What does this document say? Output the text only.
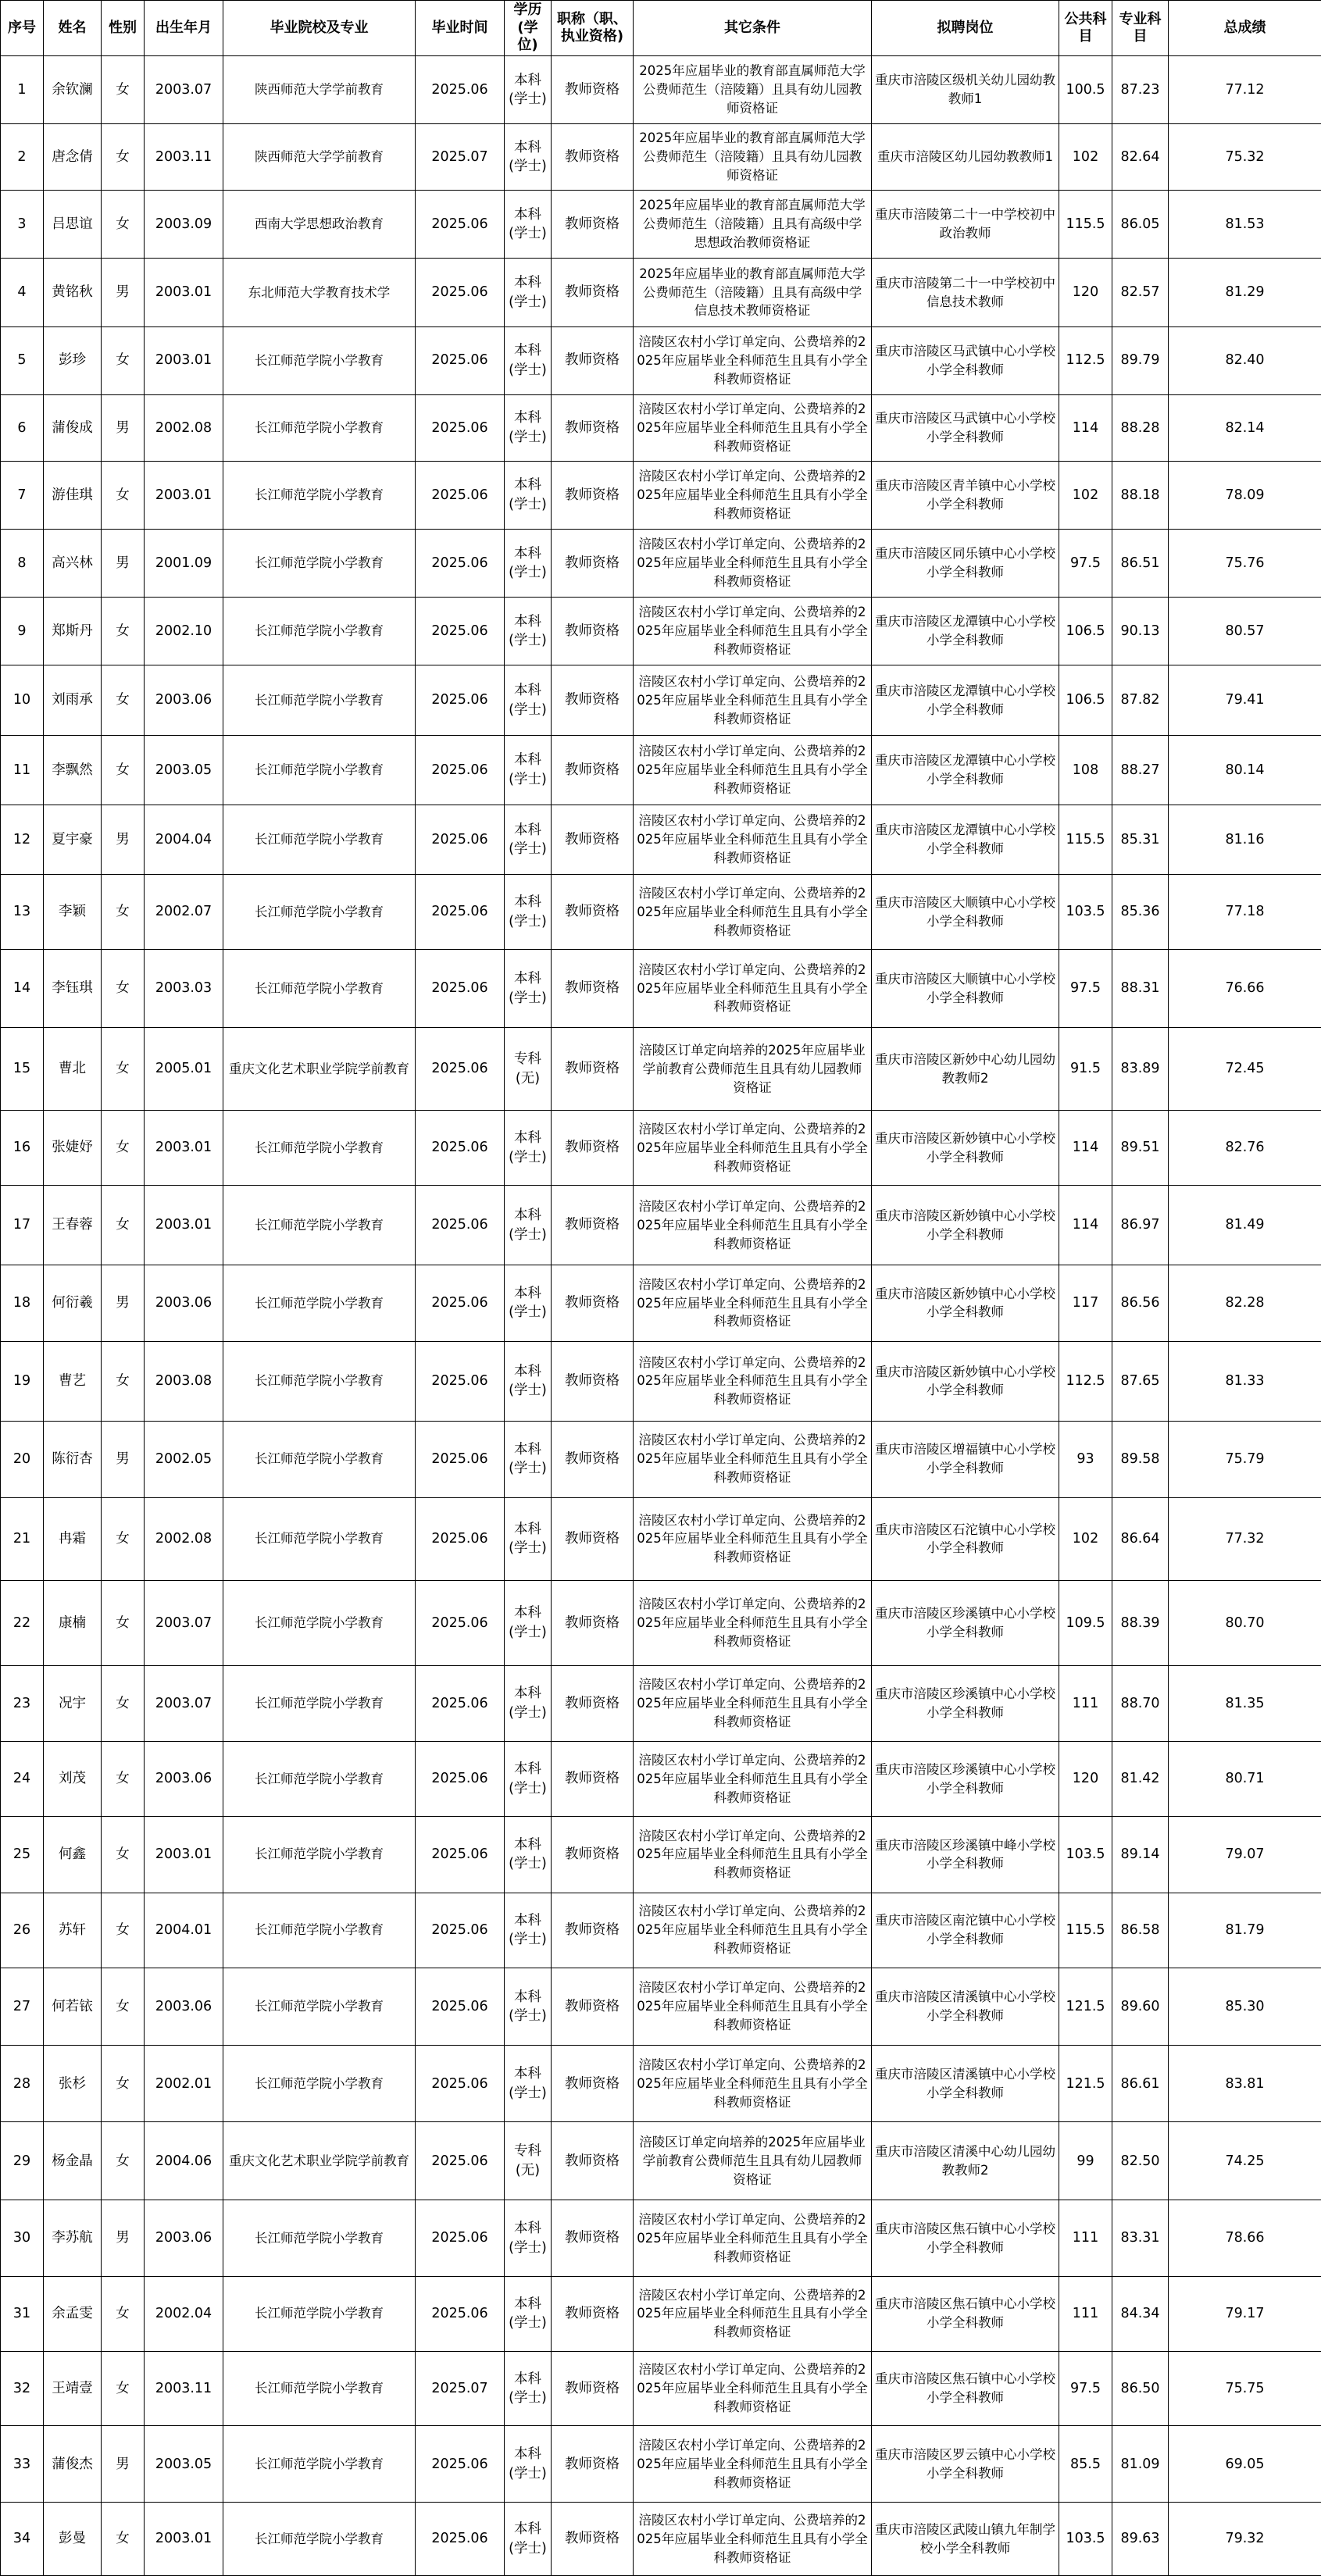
序号	姓名	性别	出生年月	毕业院校及专业	毕业时间	学历
(学位)	职称（职、执业资格)	其它条件	拟聘岗位	公共科目	专业科目	总成绩
1	余钦澜	女	2003.07	陕西师范大学学前教育	2025.06	本科
(学士)	教师资格	2025年应届毕业的教育部直属师范大学公费师范生（涪陵籍）且具有幼儿园教师资格证	重庆市涪陵区级机关幼儿园幼教教师1	100.5	87.23	77.12
2	唐念倩	女	2003.11	陕西师范大学学前教育	2025.07	本科
(学士)	教师资格	2025年应届毕业的教育部直属师范大学公费师范生（涪陵籍）且具有幼儿园教师资格证	重庆市涪陵区幼儿园幼教教师1	102	82.64	75.32
3	吕思谊	女	2003.09	西南大学思想政治教育	2025.06	本科
(学士)	教师资格	2025年应届毕业的教育部直属师范大学公费师范生（涪陵籍）且具有高级中学思想政治教师资格证	重庆市涪陵第二十一中学校初中政治教师	115.5	86.05	81.53
4	黄铭秋	男	2003.01	东北师范大学教育技术学	2025.06	本科
(学士)	教师资格	2025年应届毕业的教育部直属师范大学公费师范生（涪陵籍）且具有高级中学信息技术教师资格证	重庆市涪陵第二十一中学校初中信息技术教师	120	82.57	81.29
5	彭珍	女	2003.01	长江师范学院小学教育	2025.06	本科
(学士)	教师资格	涪陵区农村小学订单定向、公费培养的2025年应届毕业全科师范生且具有小学全科教师资格证	重庆市涪陵区马武镇中心小学校小学全科教师	112.5	89.79	82.40
6	蒲俊成	男	2002.08	长江师范学院小学教育	2025.06	本科
(学士)	教师资格	涪陵区农村小学订单定向、公费培养的2025年应届毕业全科师范生且具有小学全科教师资格证	重庆市涪陵区马武镇中心小学校小学全科教师	114	88.28	82.14
7	游佳琪	女	2003.01	长江师范学院小学教育	2025.06	本科
(学士)	教师资格	涪陵区农村小学订单定向、公费培养的2025年应届毕业全科师范生且具有小学全科教师资格证	重庆市涪陵区青羊镇中心小学校小学全科教师	102	88.18	78.09
8	高兴林	男	2001.09	长江师范学院小学教育	2025.06	本科
(学士)	教师资格	涪陵区农村小学订单定向、公费培养的2025年应届毕业全科师范生且具有小学全科教师资格证	重庆市涪陵区同乐镇中心小学校小学全科教师	97.5	86.51	75.76
9	郑斯丹	女	2002.10	长江师范学院小学教育	2025.06	本科
(学士)	教师资格	涪陵区农村小学订单定向、公费培养的2025年应届毕业全科师范生且具有小学全科教师资格证	重庆市涪陵区龙潭镇中心小学校小学全科教师	106.5	90.13	80.57
10	刘雨承	女	2003.06	长江师范学院小学教育	2025.06	本科
(学士)	教师资格	涪陵区农村小学订单定向、公费培养的2025年应届毕业全科师范生且具有小学全科教师资格证	重庆市涪陵区龙潭镇中心小学校小学全科教师	106.5	87.82	79.41
11	李飘然	女	2003.05	长江师范学院小学教育	2025.06	本科
(学士)	教师资格	涪陵区农村小学订单定向、公费培养的2025年应届毕业全科师范生且具有小学全科教师资格证	重庆市涪陵区龙潭镇中心小学校小学全科教师	108	88.27	80.14
12	夏宇豪	男	2004.04	长江师范学院小学教育	2025.06	本科
(学士)	教师资格	涪陵区农村小学订单定向、公费培养的2025年应届毕业全科师范生且具有小学全科教师资格证	重庆市涪陵区龙潭镇中心小学校小学全科教师	115.5	85.31	81.16
13	李颖	女	2002.07	长江师范学院小学教育	2025.06	本科
(学士)	教师资格	涪陵区农村小学订单定向、公费培养的2025年应届毕业全科师范生且具有小学全科教师资格证	重庆市涪陵区大顺镇中心小学校小学全科教师	103.5	85.36	77.18
14	李钰琪	女	2003.03	长江师范学院小学教育	2025.06	本科
(学士)	教师资格	涪陵区农村小学订单定向、公费培养的2025年应届毕业全科师范生且具有小学全科教师资格证	重庆市涪陵区大顺镇中心小学校小学全科教师	97.5	88.31	76.66
15	曹北	女	2005.01	重庆文化艺术职业学院学前教育	2025.06	专科
(无)	教师资格	涪陵区订单定向培养的2025年应届毕业学前教育公费师范生且具有幼儿园教师资格证	重庆市涪陵区新妙中心幼儿园幼教教师2	91.5	83.89	72.45
16	张婕妤	女	2003.01	长江师范学院小学教育	2025.06	本科
(学士)	教师资格	涪陵区农村小学订单定向、公费培养的2025年应届毕业全科师范生且具有小学全科教师资格证	重庆市涪陵区新妙镇中心小学校小学全科教师	114	89.51	82.76
17	王春蓉	女	2003.01	长江师范学院小学教育	2025.06	本科
(学士)	教师资格	涪陵区农村小学订单定向、公费培养的2025年应届毕业全科师范生且具有小学全科教师资格证	重庆市涪陵区新妙镇中心小学校小学全科教师	114	86.97	81.49
18	何衍羲	男	2003.06	长江师范学院小学教育	2025.06	本科
(学士)	教师资格	涪陵区农村小学订单定向、公费培养的2025年应届毕业全科师范生且具有小学全科教师资格证	重庆市涪陵区新妙镇中心小学校小学全科教师	117	86.56	82.28
19	曹艺	女	2003.08	长江师范学院小学教育	2025.06	本科
(学士)	教师资格	涪陵区农村小学订单定向、公费培养的2025年应届毕业全科师范生且具有小学全科教师资格证	重庆市涪陵区新妙镇中心小学校小学全科教师	112.5	87.65	81.33
20	陈衍杏	男	2002.05	长江师范学院小学教育	2025.06	本科
(学士)	教师资格	涪陵区农村小学订单定向、公费培养的2025年应届毕业全科师范生且具有小学全科教师资格证	重庆市涪陵区增福镇中心小学校小学全科教师	93	89.58	75.79
21	冉霜	女	2002.08	长江师范学院小学教育	2025.06	本科
(学士)	教师资格	涪陵区农村小学订单定向、公费培养的2025年应届毕业全科师范生且具有小学全科教师资格证	重庆市涪陵区石沱镇中心小学校小学全科教师	102	86.64	77.32
22	康楠	女	2003.07	长江师范学院小学教育	2025.06	本科
(学士)	教师资格	涪陵区农村小学订单定向、公费培养的2025年应届毕业全科师范生且具有小学全科教师资格证	重庆市涪陵区珍溪镇中心小学校小学全科教师	109.5	88.39	80.70
23	况宇	女	2003.07	长江师范学院小学教育	2025.06	本科
(学士)	教师资格	涪陵区农村小学订单定向、公费培养的2025年应届毕业全科师范生且具有小学全科教师资格证	重庆市涪陵区珍溪镇中心小学校小学全科教师	111	88.70	81.35
24	刘茂	女	2003.06	长江师范学院小学教育	2025.06	本科
(学士)	教师资格	涪陵区农村小学订单定向、公费培养的2025年应届毕业全科师范生且具有小学全科教师资格证	重庆市涪陵区珍溪镇中心小学校小学全科教师	120	81.42	80.71
25	何鑫	女	2003.01	长江师范学院小学教育	2025.06	本科
(学士)	教师资格	涪陵区农村小学订单定向、公费培养的2025年应届毕业全科师范生且具有小学全科教师资格证	重庆市涪陵区珍溪镇中峰小学校小学全科教师	103.5	89.14	79.07
26	苏轩	女	2004.01	长江师范学院小学教育	2025.06	本科
(学士)	教师资格	涪陵区农村小学订单定向、公费培养的2025年应届毕业全科师范生且具有小学全科教师资格证	重庆市涪陵区南沱镇中心小学校小学全科教师	115.5	86.58	81.79
27	何若铱	女	2003.06	长江师范学院小学教育	2025.06	本科
(学士)	教师资格	涪陵区农村小学订单定向、公费培养的2025年应届毕业全科师范生且具有小学全科教师资格证	重庆市涪陵区清溪镇中心小学校小学全科教师	121.5	89.60	85.30
28	张杉	女	2002.01	长江师范学院小学教育	2025.06	本科
(学士)	教师资格	涪陵区农村小学订单定向、公费培养的2025年应届毕业全科师范生且具有小学全科教师资格证	重庆市涪陵区清溪镇中心小学校小学全科教师	121.5	86.61	83.81
29	杨金晶	女	2004.06	重庆文化艺术职业学院学前教育	2025.06	专科
(无)	教师资格	涪陵区订单定向培养的2025年应届毕业学前教育公费师范生且具有幼儿园教师资格证	重庆市涪陵区清溪中心幼儿园幼教教师2	99	82.50	74.25
30	李苏航	男	2003.06	长江师范学院小学教育	2025.06	本科
(学士)	教师资格	涪陵区农村小学订单定向、公费培养的2025年应届毕业全科师范生且具有小学全科教师资格证	重庆市涪陵区焦石镇中心小学校小学全科教师	111	83.31	78.66
31	余孟雯	女	2002.04	长江师范学院小学教育	2025.06	本科
(学士)	教师资格	涪陵区农村小学订单定向、公费培养的2025年应届毕业全科师范生且具有小学全科教师资格证	重庆市涪陵区焦石镇中心小学校小学全科教师	111	84.34	79.17
32	王靖壹	女	2003.11	长江师范学院小学教育	2025.07	本科
(学士)	教师资格	涪陵区农村小学订单定向、公费培养的2025年应届毕业全科师范生且具有小学全科教师资格证	重庆市涪陵区焦石镇中心小学校小学全科教师	97.5	86.50	75.75
33	蒲俊杰	男	2003.05	长江师范学院小学教育	2025.06	本科
(学士)	教师资格	涪陵区农村小学订单定向、公费培养的2025年应届毕业全科师范生且具有小学全科教师资格证	重庆市涪陵区罗云镇中心小学校小学全科教师	85.5	81.09	69.05
34	彭曼	女	2003.01	长江师范学院小学教育	2025.06	本科
(学士)	教师资格	涪陵区农村小学订单定向、公费培养的2025年应届毕业全科师范生且具有小学全科教师资格证	重庆市涪陵区武陵山镇九年制学校小学全科教师	103.5	89.63	79.32
